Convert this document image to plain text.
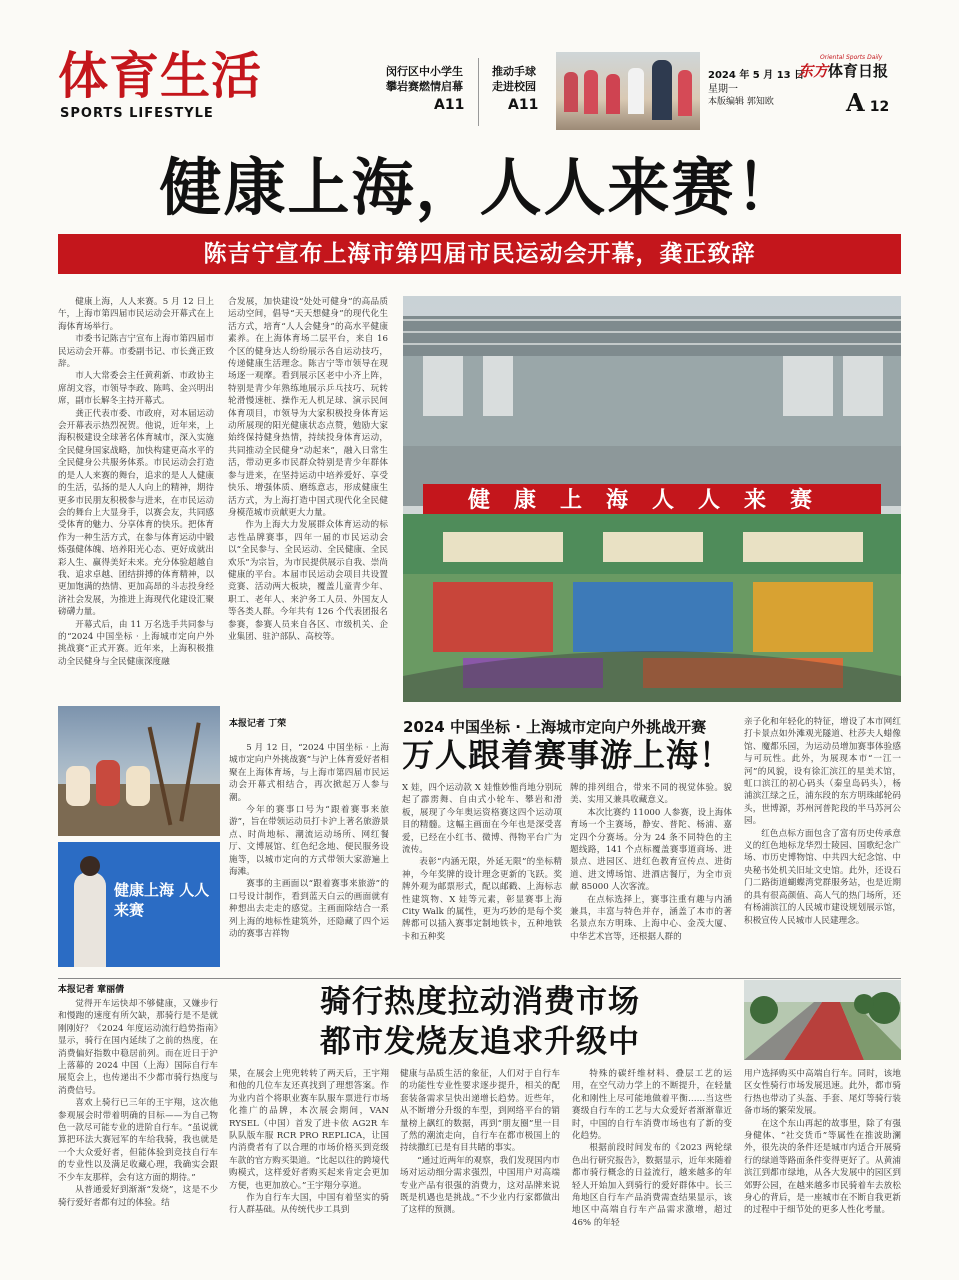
体育生活
SPORTS LIFESTYLE
闵行区中小学生
攀岩赛燃情启幕
A11
推动手球
走进校园
A11
2024 年 5 月 13 日
星期一
本版编辑 郭知欧
Oriental Sports Daily
东方体育日报
A 12
健康上海，人人来赛！
陈吉宁宣布上海市第四届市民运动会开幕，龚正致辞

健康上海，人人来赛。5 月 12 日上午，上海市第四届市民运动会开幕式在上海体育场举行。

市委书记陈吉宁宣布上海市第四届市民运动会开幕。市委副书记、市长龚正致辞。

市人大常委会主任黄莉新、市政协主席胡文容，市领导李政、陈鸣、金兴明出席，副市长解冬主持开幕式。

龚正代表市委、市政府，对本届运动会开幕表示热烈祝贺。他说，近年来，上海积极建设全球著名体育城市，深入实施全民健身国家战略，加快构建更高水平的全民健身公共服务体系。市民运动会打造的是人人来赛的舞台，追求的是人人健康的生活，弘扬的是人人向上的精神，期待更多市民朋友积极参与进来，在市民运动会的舞台上大显身手，以赛会友，共同感受体育的魅力、分享体育的快乐。把体育作为一种生活方式，在参与体育运动中锻炼强健体魄、培养阳光心态、更好成就出彩人生、赢得美好未来。充分体验超越自我、追求卓越、团结拼搏的体育精神，以更加饱满的热情、更加高昂的斗志投身经济社会发展，为推进上海现代化建设汇聚磅礴力量。

开幕式后，由 11 万名选手共同参与的“2024 中国坐标 · 上海城市定向户外挑战赛”正式开赛。近年来，上海积极推动全民健身与全民健康深度融

合发展，加快建设“处处可健身”的高品质运动空间，倡导“天天想健身”的现代化生活方式，培育“人人会健身”的高水平健康素养。在上海体育场二层平台，来自 16 个区的健身达人纷纷展示各自运动技巧，传递健康生活理念。陈吉宁等市领导在现场逐一观摩。看到展示区老中小齐上阵，特别是青少年熟练地展示乒乓技巧、玩转轮滑慢速桩、操作无人机足球、演示民间体育项目，市领导为大家积极投身体育运动所展现的阳光健康状态点赞，勉励大家始终保持健身热情，持续投身体育运动，共同推动全民健身“动起来”，融入日常生活，带动更多市民群众特别是青少年群体参与进来，在坚持运动中培养爱好、享受快乐、增强体质、磨练意志，形成健康生活方式，为上海打造中国式现代化全民健身模范城市贡献更大力量。

作为上海大力发展群众体育运动的标志性品牌赛事，四年一届的市民运动会以“全民参与、全民运动、全民健康、全民欢乐”为宗旨，为市民提供展示自我、崇尚健康的平台。本届市民运动会项目共设置竞赛、活动两大板块，覆盖儿童青少年、职工、老年人、来沪务工人员、外国友人等各类人群。今年共有 126 个代表团报名参赛，参赛人员来自各区、市级机关、企业集团、驻沪部队、高校等。

健康上海人人来赛
健康上海 人人来赛
本报记者 丁荣	2024 中国坐标 · 上海城市定向户外挑战开赛
万人跟着赛事游上海！

5 月 12 日，“2024 中国坐标 · 上海城市定向户外挑战赛”与沪上体育爱好者相聚在上海体育场，与上海市第四届市民运动会开幕式相结合，再次掀起万人参与潮。

今年的赛事口号为“跟着赛事来旅游”，旨在带领运动员打卡沪上著名旅游景点、时尚地标、潮流运动场所、网红餐厅、文博展馆、红色纪念地、便民服务设施等，以城市定向的方式带领大家游遍上海滩。

赛事的主画面以“跟着赛事来旅游”的口号设计制作，看到蓝天白云的画面就有种想出去走走的感觉。主画面除结合一系列上海的地标性建筑外，还隐藏了四个运动的赛事吉祥物

X 娃，四个运动款 X 娃惟妙惟肖地分别玩起了霹雳舞、自由式小轮车、攀岩和滑板，展现了今年奥运资格赛这四个运动项目的精髓。这幅主画面在今年也是深受喜爱，已经在小红书、微博、得物平台广为流传。

表彰“内涵无限，外延无限”的坐标精神，今年奖牌的设计理念更新的飞跃。奖牌外观为邮票形式，配以邮戳、上海标志性建筑物、X 娃等元素，彰显赛事上海 City Walk 的属性，更为巧妙的是每个奖牌都可以插入赛事定制地铁卡，五种地铁卡和五种奖

牌的排列组合，带来不同的视觉体验。貌美、实用又兼具收藏意义。

本次比赛约 11000 人参赛，设上海体育场一个主赛场，静安、普陀、杨浦、嘉定四个分赛场。分为 24 条不同特色的主题线路，141 个点标覆盖赛事道商场、进景点、进园区、进红色教育宣传点、进街道、进文博场馆、进酒店餐厅，为全市贡献 85000 人次客流。

在点标选择上，赛事注重有趣与内涵兼具，丰富与特色并存，涵盖了本市的著名景点东方明珠、上海中心、金茂大厦、中华艺术宫等，还根据人群的

亲子化和年轻化的特征，增设了本市网红打卡景点如外滩观光隧道、杜莎夫人蜡像馆、魔都乐园，为运动员增加赛事体验感与可玩性。此外，为展现本市“一江一河”的风貌，设有徐汇滨江的星美术馆，虹口滨江的初心码头（秦皇岛码头），杨浦滨江绿之丘，浦东段的东方明珠邮轮码头，世博源，苏州河普陀段的半马苏河公园。

红色点标方面包含了富有历史传承意义的红色地标龙华烈士陵园、国歌纪念广场、市历史博物馆、中共四大纪念馆、中央秘书处机关旧址文史馆。此外，还设石门二路街道蝴蝶湾党群服务站，也是近期的具有很高颜值、高人气的热门场所，还有杨浦滨江的人民城市建设规划展示馆，积极宣传人民城市人民建理念。

本报记者 章丽倩	骑行热度拉动消费市场
都市发烧友追求升级中

觉得开车运快却不够健康，又嫌步行和慢跑的速度有所欠缺，那骑行是不是就刚刚好？《2024 年度运动流行趋势指南》显示，骑行在国内延续了之前的热度，在消费偏好指数中稳居前列。而在近日于沪上落幕的 2024 中国（上海）国际自行车展览会上，也传递出不少都市骑行热度与消费信号。

喜欢上骑行已三年的王宇翔，这次他参观展会时带着明确的目标——为自己物色一款尽可能专业的进阶自行车。“虽说就算把环法大赛冠军的车给我骑，我也就是一个大众爱好者，但能体验到竞技自行车的专业性以及满足收藏心理，我确实会跟不少车友那样，会有这方面的期待。”

从普通爱好到渐渐“发烧”，这是不少骑行爱好者都有过的体验。结

果，在展会上兜兜转转了两天后，王宇翔和他的几位车友还真找到了理想答案。作为业内首个将职业赛车队服车票进行市场化推广的品牌，本次展会期间，VAN RYSEL（中国）首发了进卡依 AG2R 车队队版车服 RCR PRO REPLICA，让国内消费者有了以合理的市场价格买到竞级车款的官方购买渠道。“比起以往的跨境代购模式，这样爱好者购买起来肯定会更加方便，也更加放心。”王宇翔分享道。

作为自行车大国，中国有着坚实的骑行人群基础。从传统代步工具到

健康与品质生活的象征，人们对于自行车的功能性专业性要求逐步提升，相关的配套装备需求呈快出递增长趋势。近些年，从不断增分升级的车型，到网络平台的销量榜上飙红的数据，再到“朋友圈”里一目了然的潮流走向，自行车在都市极国上的持续撒红已是有目共睹的事实。

“通过近两年的观察，我们发现国内市场对运动细分需求强烈，中国用户对高端专业产品有很强的消费力，这对品牌来说既是机遇也是挑战。”不少业内行家都做出了这样的预测。

特殊的碳纤维材料、叠层工艺的运用，在空气动力学上的不断提升，在轻量化和刚性上尽可能地做着平衡……当这些赛级自行车的工艺与大众爱好者渐渐靠近时，中国的自行车消费市场也有了新的变化趋势。

根据前段时间发布的《2023 两轮绿色出行研究报告》，数据显示，近年来随着都市骑行概念的日益流行，越来越多的年轻人开始加入到骑行的爱好群体中。长三角地区自行车产品消费需查结果显示，该地区中高端自行车产品需求激增，超过 46% 的年轻

用户选择购买中高端自行车。同时，该地区女性骑行市场发展迅速。此外，都市骑行热也带动了头盔、手套、尾灯等骑行装备市场的繁荣发展。

在这个东山再起的故事里，除了有强身健体、“社交货币”等属性在推波助澜外，很先决的条件还是城市内适合开展骑行的绿道等路面条件变得更好了。从黄浦滨江到都市绿地，从各大发展中的园区到郊野公园，在越来越多市民骑着车去放松身心的背后，是一座城市在不断自我更新的过程中于细节处的更多人性化考量。
